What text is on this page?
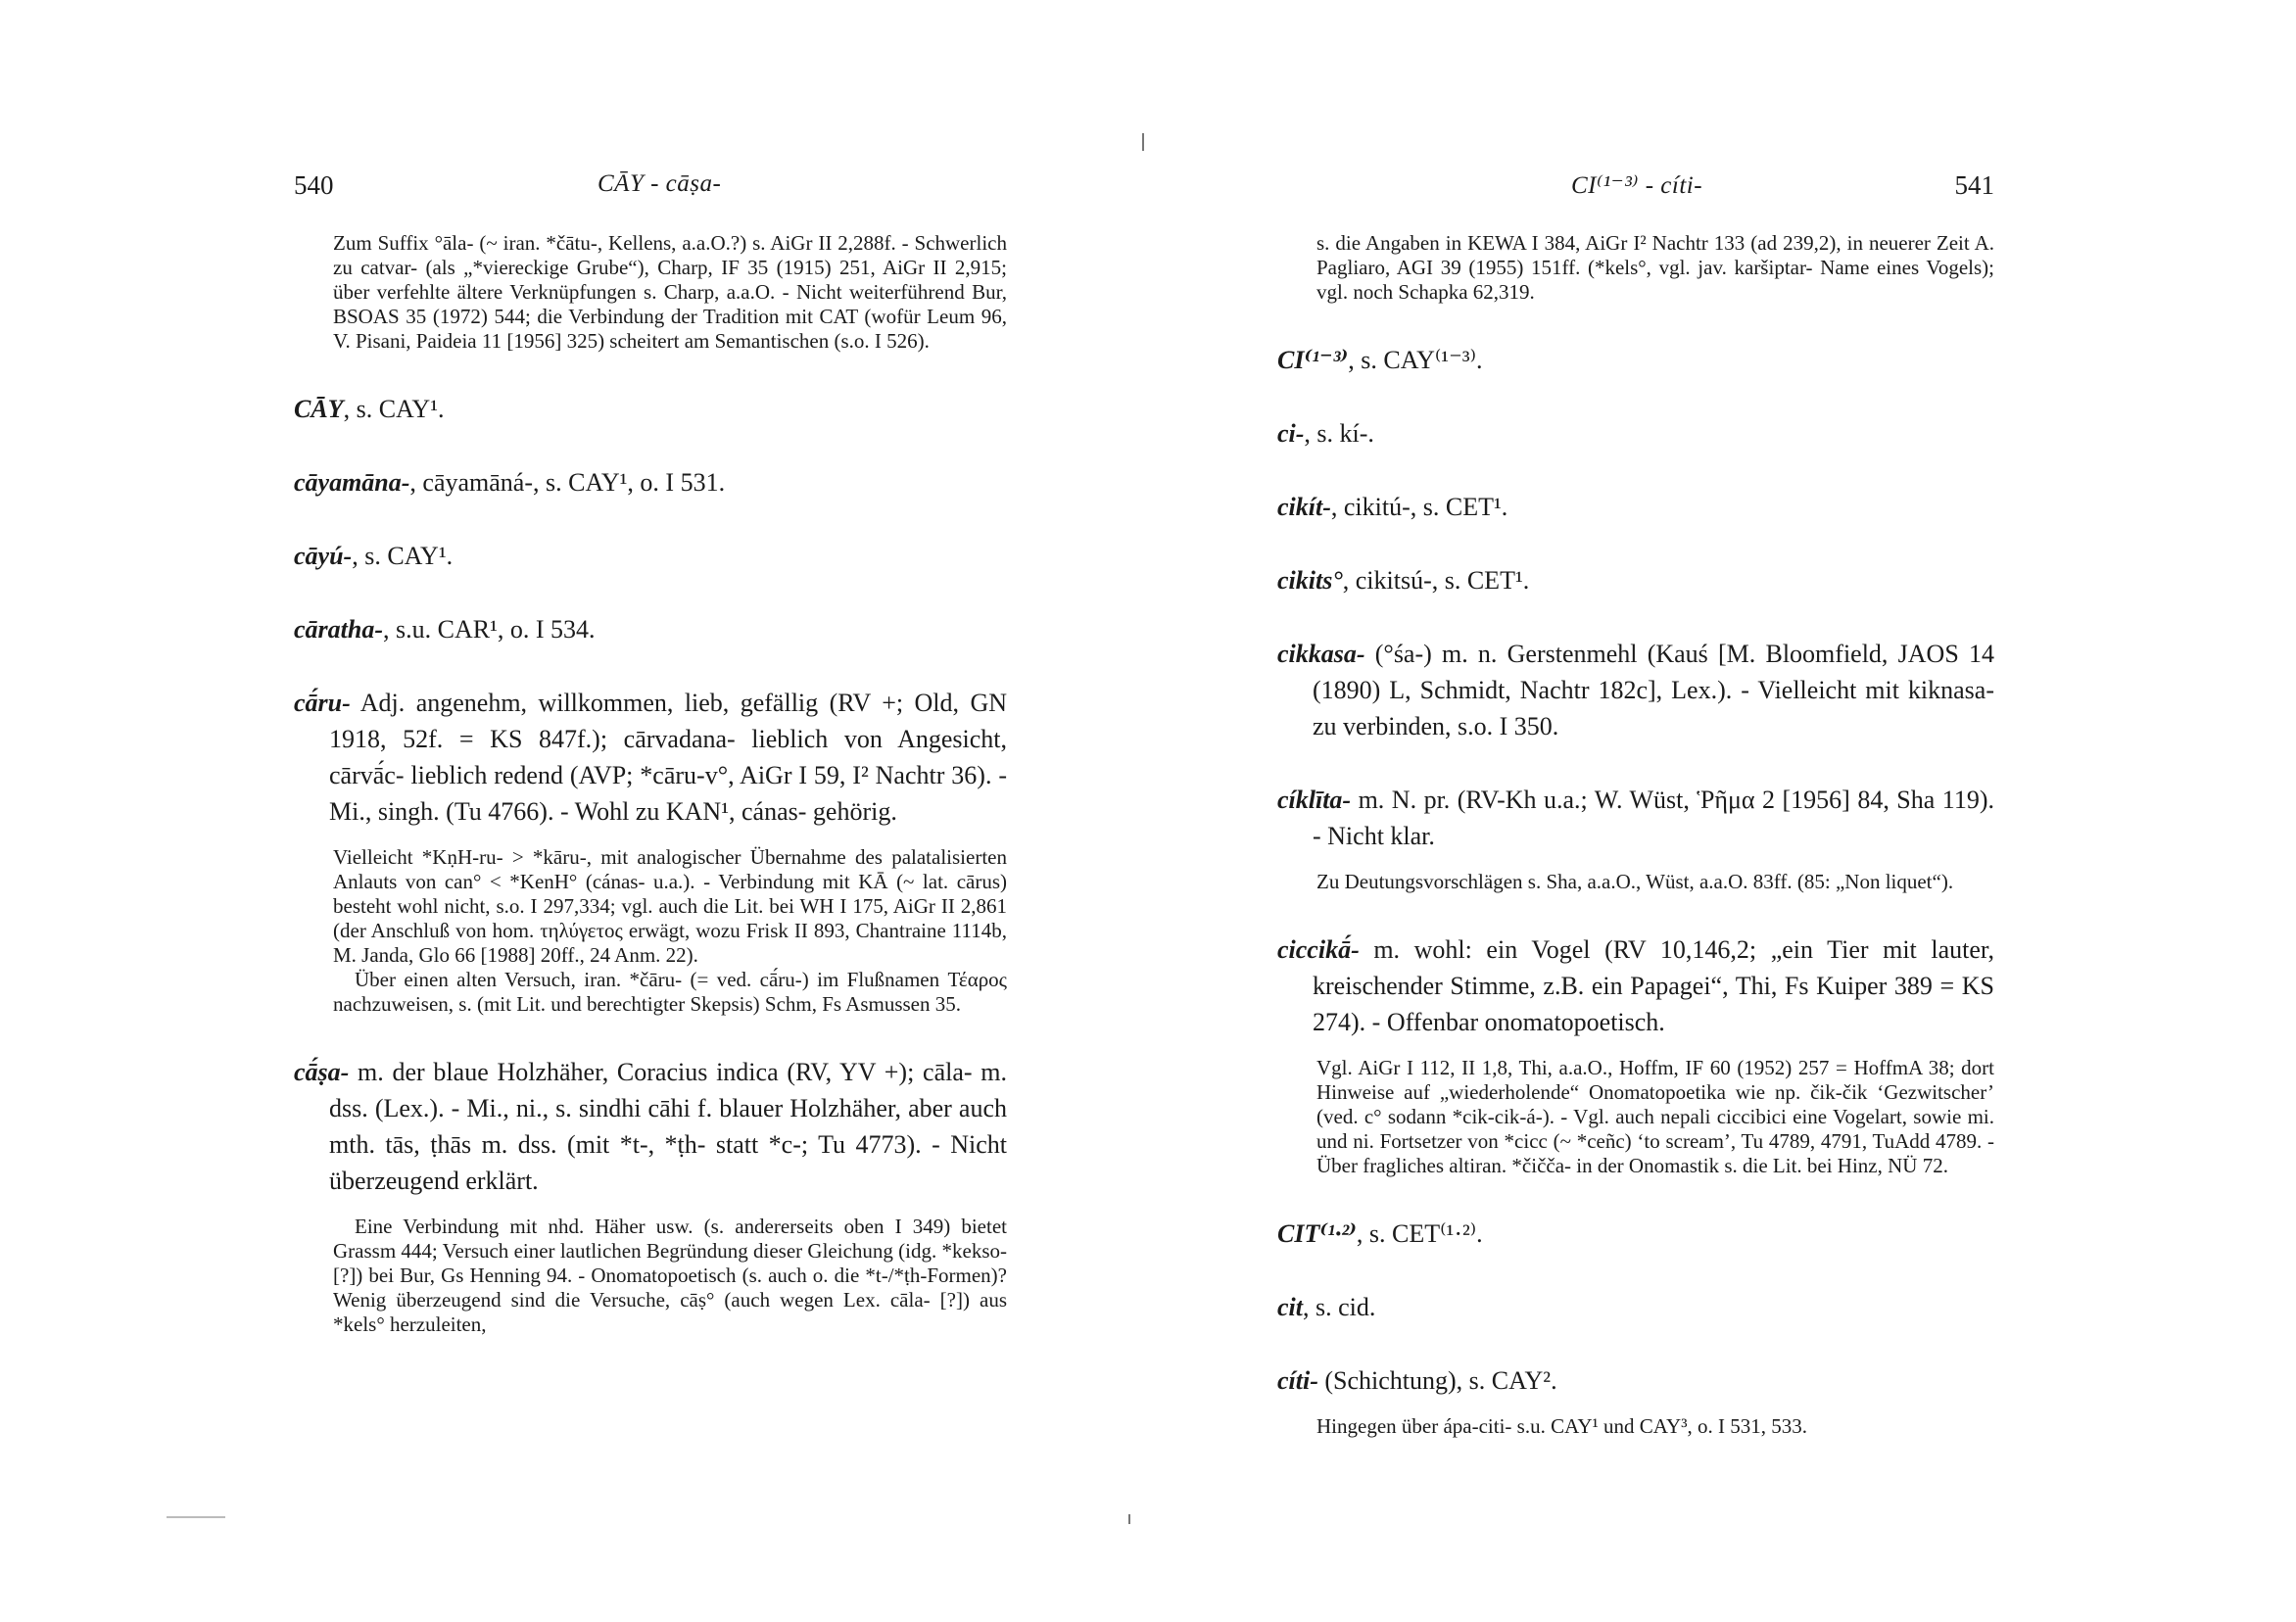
540	CĀY - cāṣa-
Zum Suffix °āla- (~ iran. *čātu-, Kellens, a.a.O.?) s. AiGr II 2,288f. - Schwerlich zu catvar- (als „*viereckige Grube“), Charp, IF 35 (1915) 251, AiGr II 2,915; über verfehlte ältere Verknüpfungen s. Charp, a.a.O. - Nicht weiterführend Bur, BSOAS 35 (1972) 544; die Verbindung der Tradition mit CAT (wofür Leum 96, V. Pisani, Paideia 11 [1956] 325) scheitert am Semantischen (s.o. I 526).
CĀY, s. CAY¹.
cāyamāna-, cāyamāná-, s. CAY¹, o. I 531.
cāyú-, s. CAY¹.
cāratha-, s.u. CAR¹, o. I 534.
cā́ru- Adj. angenehm, willkommen, lieb, gefällig (RV +; Old, GN 1918, 52f. = KS 847f.); cārvadana- lieblich von Angesicht, cārvā́c- lieblich redend (AVP; *cāru-v°, AiGr I 59, I² Nachtr 36). - Mi., singh. (Tu 4766). - Wohl zu KAN¹, cánas- gehörig.
Vielleicht *KṇH-ru- > *kāru-, mit analogischer Übernahme des palatalisierten Anlauts von can° < *KenH° (cánas- u.a.). - Verbindung mit KĀ (~ lat. cārus) besteht wohl nicht, s.o. I 297,334; vgl. auch die Lit. bei WH I 175, AiGr II 2,861 (der Anschluß von hom. τηλύγετος erwägt, wozu Frisk II 893, Chantraine 1114b, M. Janda, Glo 66 [1988] 20ff., 24 Anm. 22).
Über einen alten Versuch, iran. *čāru- (= ved. cā́ru-) im Flußnamen Τέαρος nachzuweisen, s. (mit Lit. und berechtigter Skepsis) Schm, Fs Asmussen 35.
cā́ṣa- m. der blaue Holzhäher, Coracius indica (RV, YV +); cāla- m. dss. (Lex.). - Mi., ni., s. sindhi cāhi f. blauer Holzhäher, aber auch mth. tās, ṭhās m. dss. (mit *t-, *ṭh- statt *c-; Tu 4773). - Nicht überzeugend erklärt.
Eine Verbindung mit nhd. Häher usw. (s. andererseits oben I 349) bietet Grassm 444; Versuch einer lautlichen Begründung dieser Gleichung (idg. *kekso- [?]) bei Bur, Gs Henning 94. - Onomatopoetisch (s. auch o. die *t-/*ṭh-Formen)? Wenig überzeugend sind die Versuche, cāṣ° (auch wegen Lex. cāla- [?]) aus *kels° herzuleiten,
CI⁽¹⁻³⁾ - cíti-	541
s. die Angaben in KEWA I 384, AiGr I² Nachtr 133 (ad 239,2), in neuerer Zeit A. Pagliaro, AGI 39 (1955) 151ff. (*kels°, vgl. jav. karšiptar- Name eines Vogels); vgl. noch Schapka 62,319.
CI⁽¹⁻³⁾, s. CAY⁽¹⁻³⁾.
ci-, s. kí-.
cikít-, cikitú-, s. CET¹.
cikits°, cikitsú-, s. CET¹.
cikkasa- (°śa-) m. n. Gerstenmehl (Kauś [M. Bloomfield, JAOS 14 (1890) L, Schmidt, Nachtr 182c], Lex.). - Vielleicht mit kiknasa- zu verbinden, s.o. I 350.
cíklīta- m. N. pr. (RV-Kh u.a.; W. Wüst, Ῥῆμα 2 [1956] 84, Sha 119). - Nicht klar.
Zu Deutungsvorschlägen s. Sha, a.a.O., Wüst, a.a.O. 83ff. (85: „Non liquet“).
ciccikā́- m. wohl: ein Vogel (RV 10,146,2; „ein Tier mit lauter, kreischender Stimme, z.B. ein Papagei“, Thi, Fs Kuiper 389 = KS 274). - Offenbar onomatopoetisch.
Vgl. AiGr I 112, II 1,8, Thi, a.a.O., Hoffm, IF 60 (1952) 257 = HoffmA 38; dort Hinweise auf „wiederholende“ Onomatopoetika wie np. čik-čik ‘Gezwitscher’ (ved. c° sodann *cik-cik-á-). - Vgl. auch nepali ciccibici eine Vogelart, sowie mi. und ni. Fortsetzer von *cicc (~ *ceñc) ‘to scream’, Tu 4789, 4791, TuAdd 4789. - Über fragliches altiran. *čičča- in der Onomastik s. die Lit. bei Hinz, NÜ 72.
CIT⁽¹·²⁾, s. CET⁽¹·²⁾.
cit, s. cid.
cíti- (Schichtung), s. CAY².
Hingegen über ápa-citi- s.u. CAY¹ und CAY³, o. I 531, 533.
